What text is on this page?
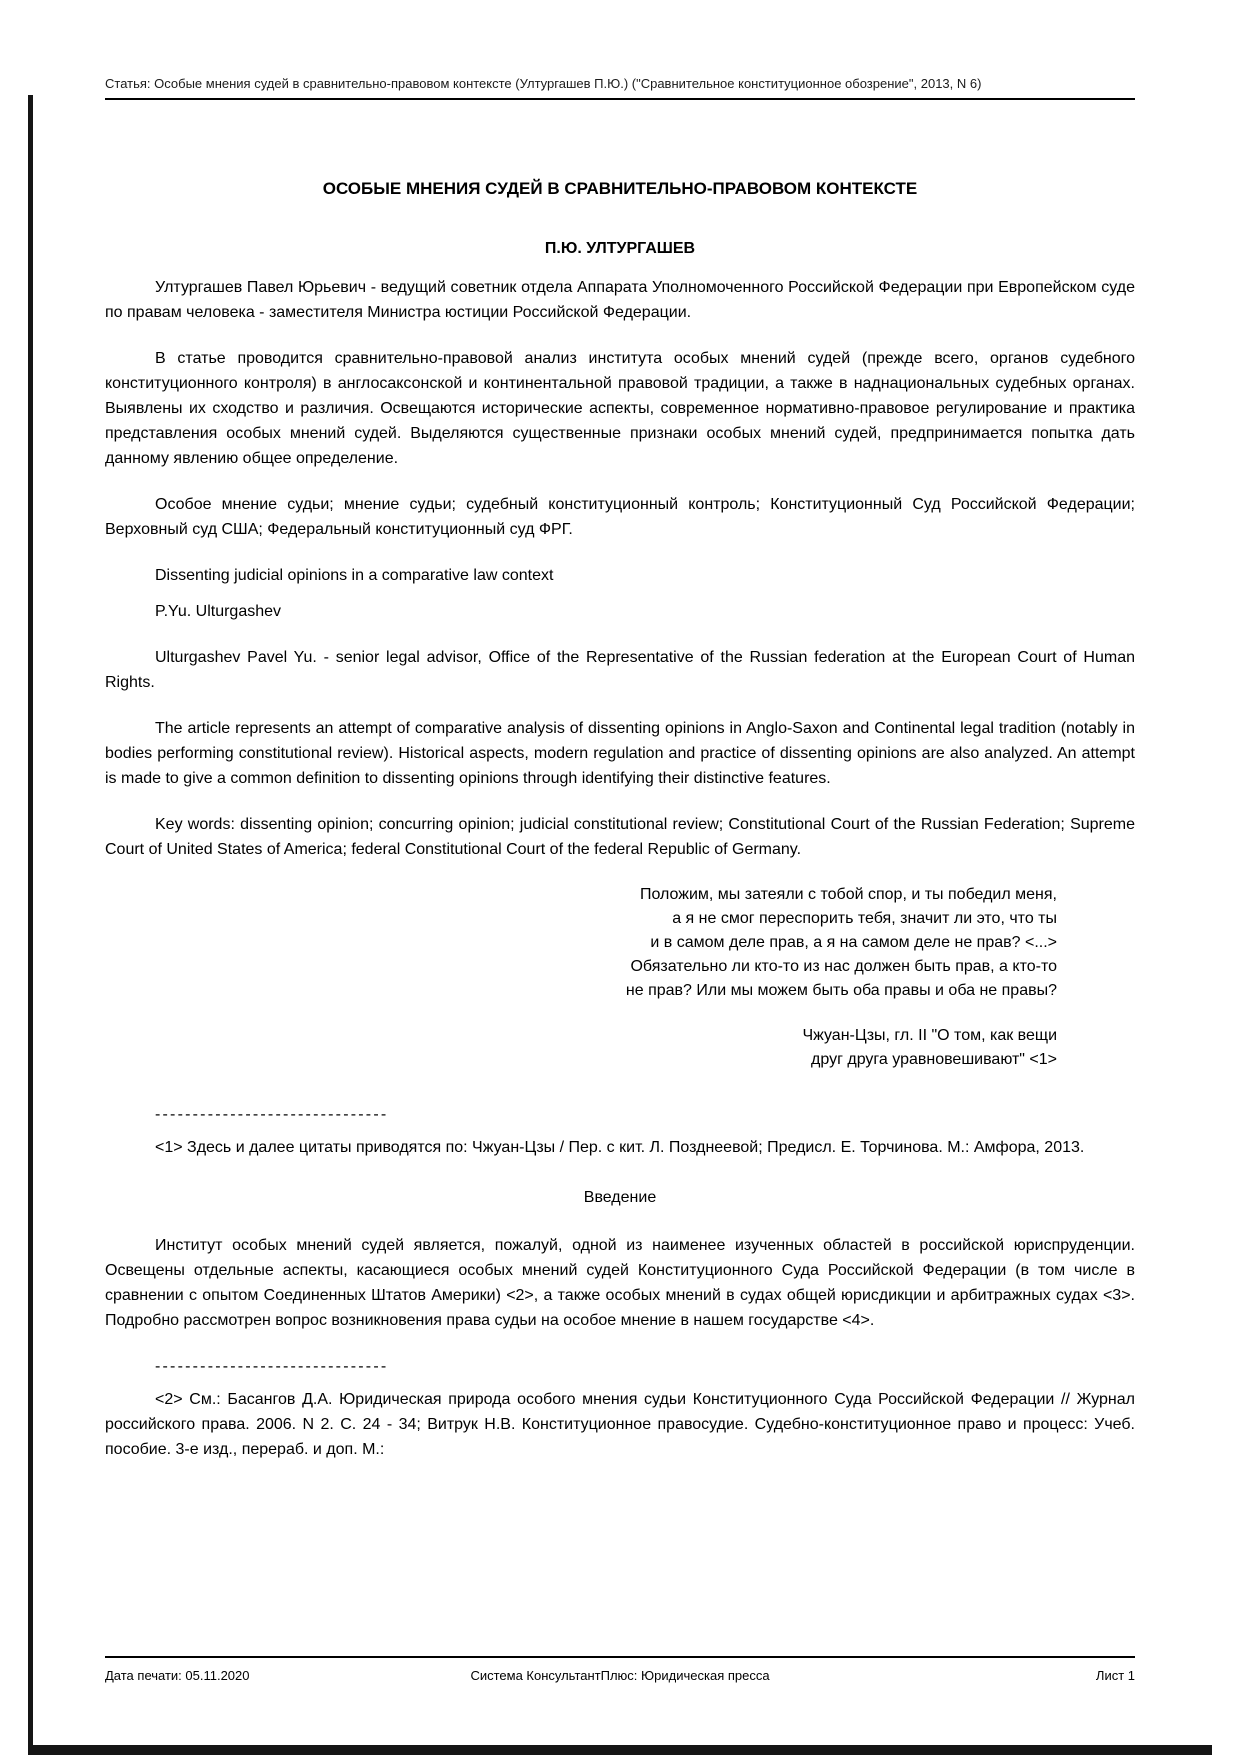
Статья: Особые мнения судей в сравнительно-правовом контексте (Ултургашев П.Ю.) ("Сравнительное конституционное обозрение", 2013, N 6)
ОСОБЫЕ МНЕНИЯ СУДЕЙ В СРАВНИТЕЛЬНО-ПРАВОВОМ КОНТЕКСТЕ
П.Ю. УЛТУРГАШЕВ

Ултургашев Павел Юрьевич - ведущий советник отдела Аппарата Уполномоченного Российской Федерации при Европейском суде по правам человека - заместителя Министра юстиции Российской Федерации.

В статье проводится сравнительно-правовой анализ института особых мнений судей (прежде всего, органов судебного конституционного контроля) в англосаксонской и континентальной правовой традиции, а также в наднациональных судебных органах. Выявлены их сходство и различия. Освещаются исторические аспекты, современное нормативно-правовое регулирование и практика представления особых мнений судей. Выделяются существенные признаки особых мнений судей, предпринимается попытка дать данному явлению общее определение.

Особое мнение судьи; мнение судьи; судебный конституционный контроль; Конституционный Суд Российской Федерации; Верховный суд США; Федеральный конституционный суд ФРГ.

Dissenting judicial opinions in a comparative law context

P.Yu. Ulturgashev

Ulturgashev Pavel Yu. - senior legal advisor, Office of the Representative of the Russian federation at the European Court of Human Rights.

The article represents an attempt of comparative analysis of dissenting opinions in Anglo-Saxon and Continental legal tradition (notably in bodies performing constitutional review). Historical aspects, modern regulation and practice of dissenting opinions are also analyzed. An attempt is made to give a common definition to dissenting opinions through identifying their distinctive features.

Key words: dissenting opinion; concurring opinion; judicial constitutional review; Constitutional Court of the Russian Federation; Supreme Court of United States of America; federal Constitutional Court of the federal Republic of Germany.

Положим, мы затеяли с тобой спор, и ты победил меня,
а я не смог переспорить тебя, значит ли это, что ты
и в самом деле прав, а я на самом деле не прав? <...>
Обязательно ли кто-то из нас должен быть прав, а кто-то
не прав? Или мы можем быть оба правы и оба не правы?
Чжуан-Цзы, гл. II "О том, как вещи
друг друга уравновешивают" <1>

-------------------------------

<1> Здесь и далее цитаты приводятся по: Чжуан-Цзы / Пер. с кит. Л. Позднеевой; Предисл. Е. Торчинова. М.: Амфора, 2013.

Введение

Институт особых мнений судей является, пожалуй, одной из наименее изученных областей в российской юриспруденции. Освещены отдельные аспекты, касающиеся особых мнений судей Конституционного Суда Российской Федерации (в том числе в сравнении с опытом Соединенных Штатов Америки) <2>, а также особых мнений в судах общей юрисдикции и арбитражных судах <3>. Подробно рассмотрен вопрос возникновения права судьи на особое мнение в нашем государстве <4>.

-------------------------------

<2> См.: Басангов Д.А. Юридическая природа особого мнения судьи Конституционного Суда Российской Федерации // Журнал российского права. 2006. N 2. С. 24 - 34; Витрук Н.В. Конституционное правосудие. Судебно-конституционное право и процесс: Учеб. пособие. 3-е изд., перераб. и доп. М.:

Дата печати: 05.11.2020	Система КонсультантПлюс: Юридическая пресса	Лист 1
